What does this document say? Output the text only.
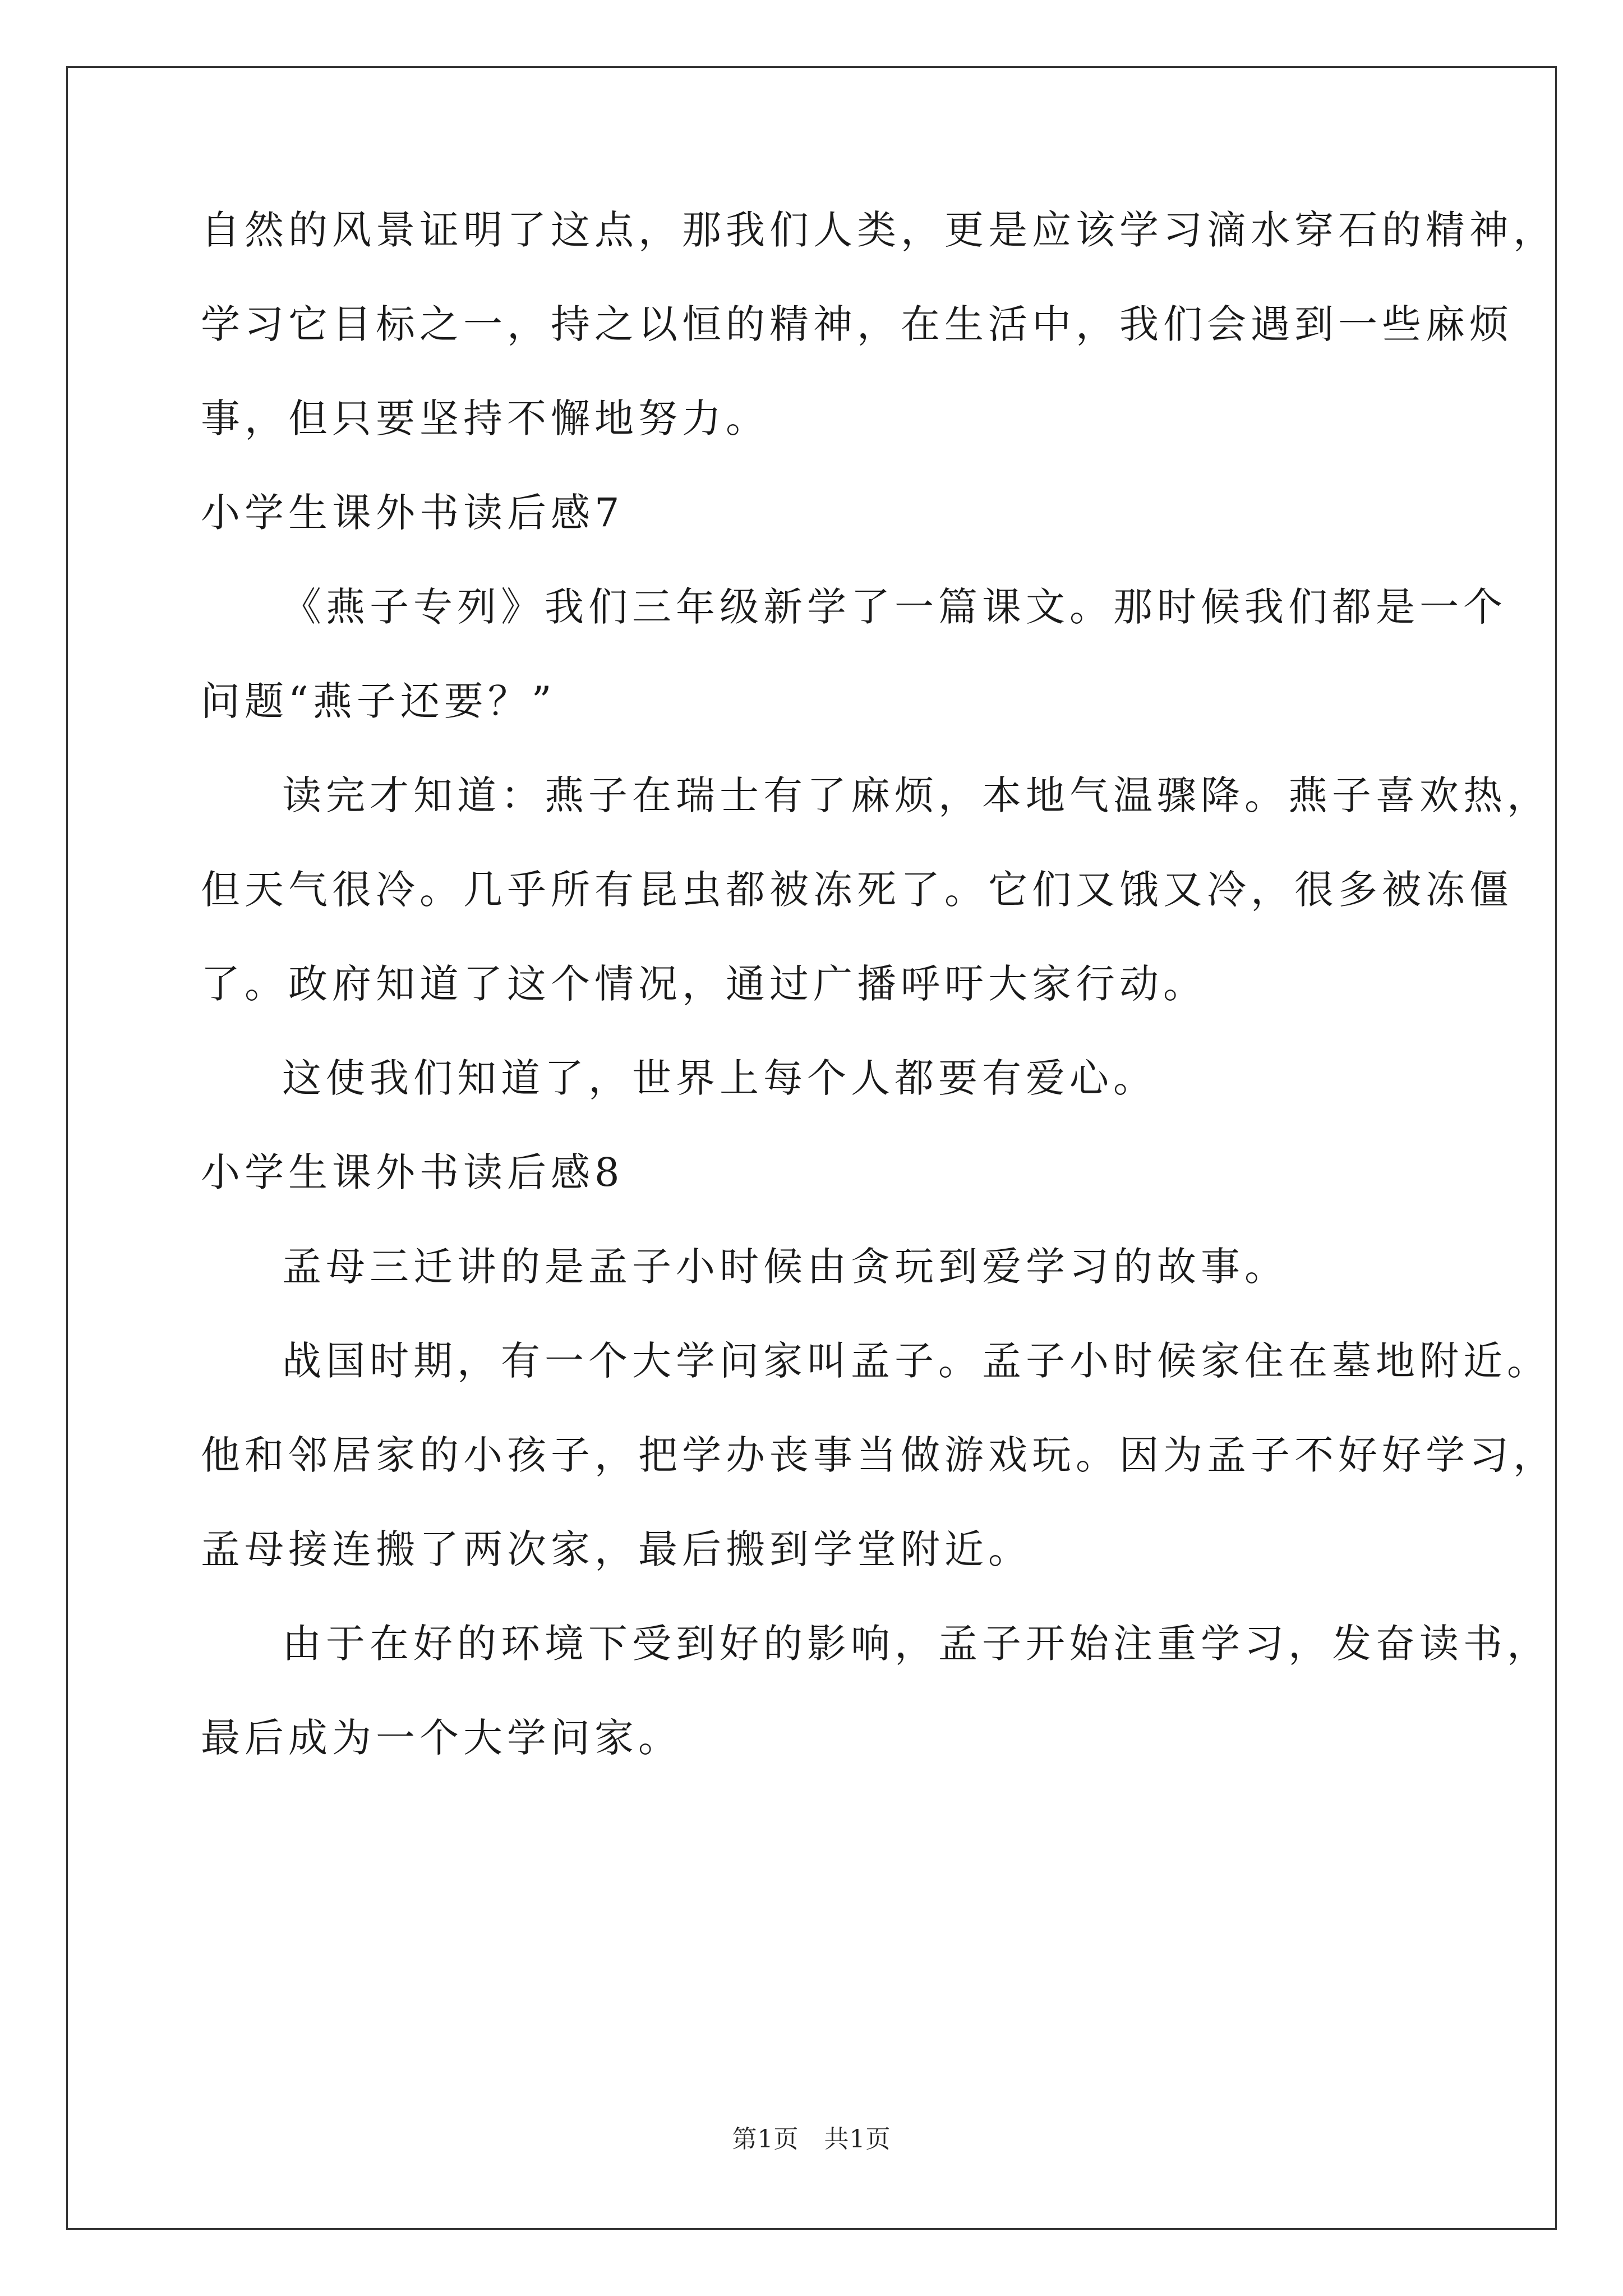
自然的风景证明了这点，那我们人类，更是应该学习滴水穿石的精神，
学习它目标之一，持之以恒的精神，在生活中，我们会遇到一些麻烦
事，但只要坚持不懈地努力。
小学生课外书读后感7
《燕子专列》我们三年级新学了一篇课文。那时候我们都是一个
问题“燕子还要？”
读完才知道：燕子在瑞士有了麻烦，本地气温骤降。燕子喜欢热，
但天气很冷。几乎所有昆虫都被冻死了。它们又饿又冷，很多被冻僵
了。政府知道了这个情况，通过广播呼吁大家行动。
这使我们知道了，世界上每个人都要有爱心。
小学生课外书读后感8
孟母三迁讲的是孟子小时候由贪玩到爱学习的故事。
战国时期，有一个大学问家叫孟子。孟子小时候家住在墓地附近。
他和邻居家的小孩子，把学办丧事当做游戏玩。因为孟子不好好学习，
孟母接连搬了两次家，最后搬到学堂附近。
由于在好的环境下受到好的影响，孟子开始注重学习，发奋读书，
最后成为一个大学问家。
第1页　共1页
